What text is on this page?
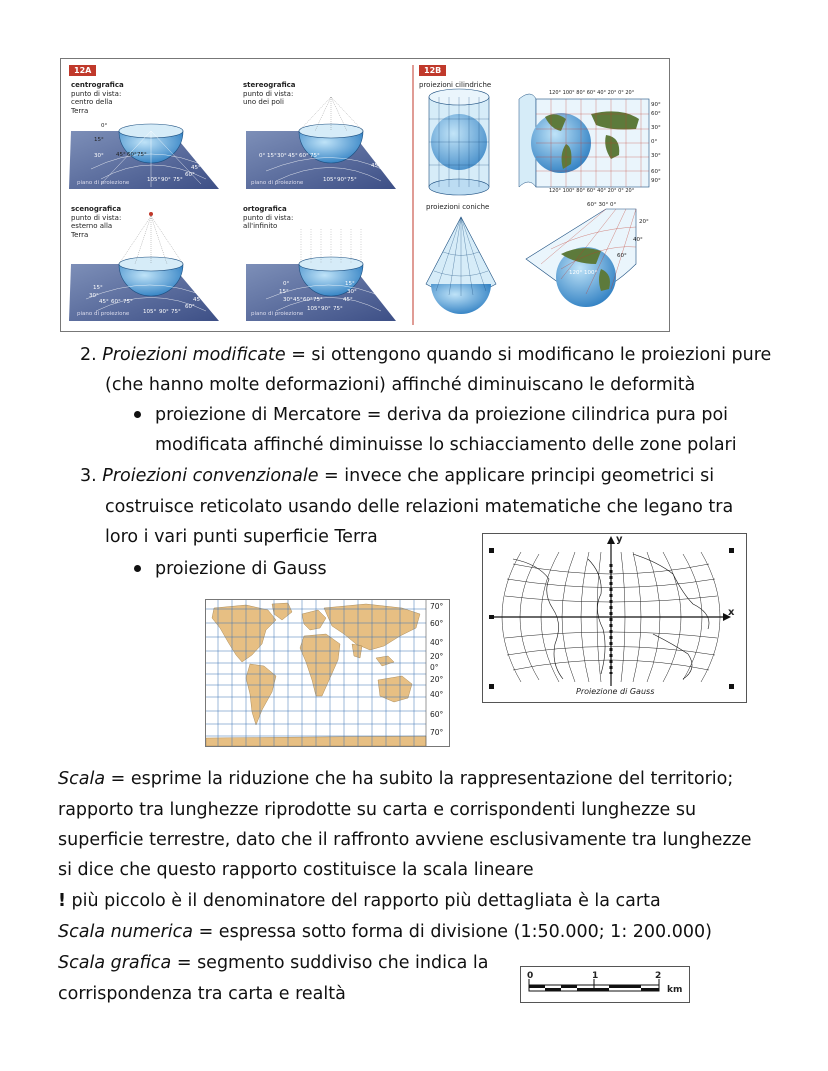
12A	12B
centrografica
punto di vista:
centro della
Terra
stereografica
punto di vista:
uno dei poli
scenografica
punto di vista:
esterno alla
Terra
ortografica
punto di vista:
all'infinito
proiezioni cilindriche
proiezioni coniche
piano di proiezione	piano di proiezione
piano di proiezione	piano di proiezione
0°
15°
30° 45° 60° 75°	15°
30°
45°
60°
105° 90° 75°
0° 15° 30° 45° 60° 75°
15°
30°
45°
105° 90° 75°
15°
30°
45° 60° 75°
15°
30°
45°
60°
105° 90° 75°
0°
15°
30° 45° 60° 75°
15°
30°
45°
105° 90° 75°
120° 100° 80° 60° 40° 20° 0° 20°
120° 100° 80° 60° 40° 20° 0° 20°
90°
60°
30°
0°
30°
60°
90°
60° 30° 0°
20°
40°
60°
120° 100°
2. Proiezioni modificate = si ottengono quando si modificano le proiezioni pure
(che hanno molte deformazioni) affinché diminuiscano le deformità
proiezione di Mercatore = deriva da proiezione cilindrica pura poi
modificata affinché diminuisse lo schiacciamento delle zone polari
3. Proiezioni convenzionale = invece che applicare principi geometrici si
costruisce reticolato usando delle relazioni matematiche che legano tra
loro i vari punti superficie Terra
proiezione di Gauss
70°
60°
40°
20°
0°
20°
40°
60°
70°
y
x
Proiezione di Gauss
Scala = esprime la riduzione che ha subito la rappresentazione del territorio;
rapporto tra lunghezze riprodotte su carta e corrispondenti lunghezze su
superficie terrestre, dato che il raffronto avviene esclusivamente tra lunghezze
si dice che questo rapporto costituisce la scala lineare
! più piccolo è il denominatore del rapporto più dettagliata è la carta
Scala numerica = espressa sotto forma di divisione (1:50.000; 1: 200.000)
Scala grafica = segmento suddiviso che indica la
corrispondenza tra carta e realtà
0	1	2
km
